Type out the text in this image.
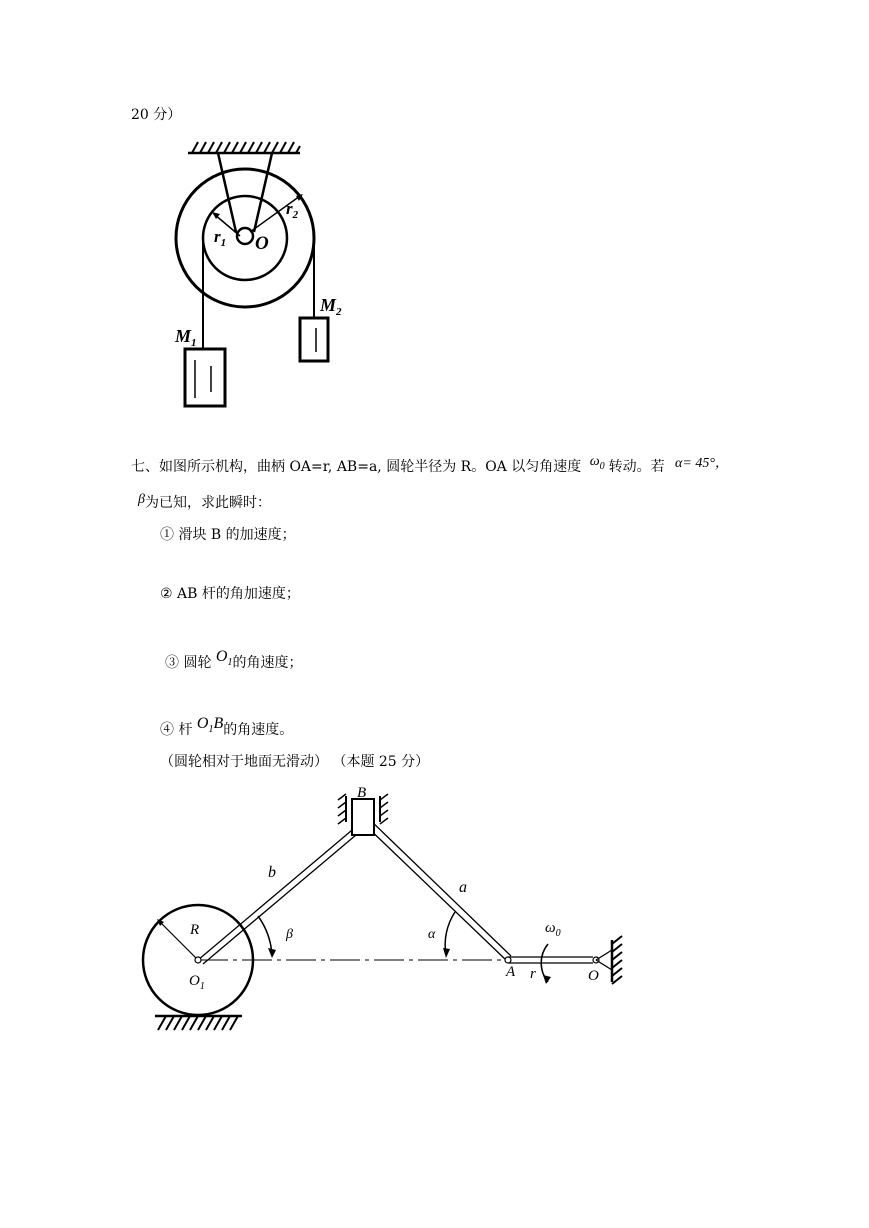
20 分）
$r_1$
$r_2$
O
$M_1$
$M_2$
七、如图所示机构，曲柄 OA=r, AB=a, 圆轮半径为 R。OA 以匀角速度 $\omega_0$ 转动。若 α= 45°，
β为已知，求此瞬时：
① 滑块 B 的加速度；
② AB 杆的角加速度；
③ 圆轮 $O_1$的角速度；
④ 杆 $O_1B$的角速度。
（圆轮相对于地面无滑动） （本题 25 分）
B
b
a
R	β	α
$O_1$
A r	O
$\omega_0$
